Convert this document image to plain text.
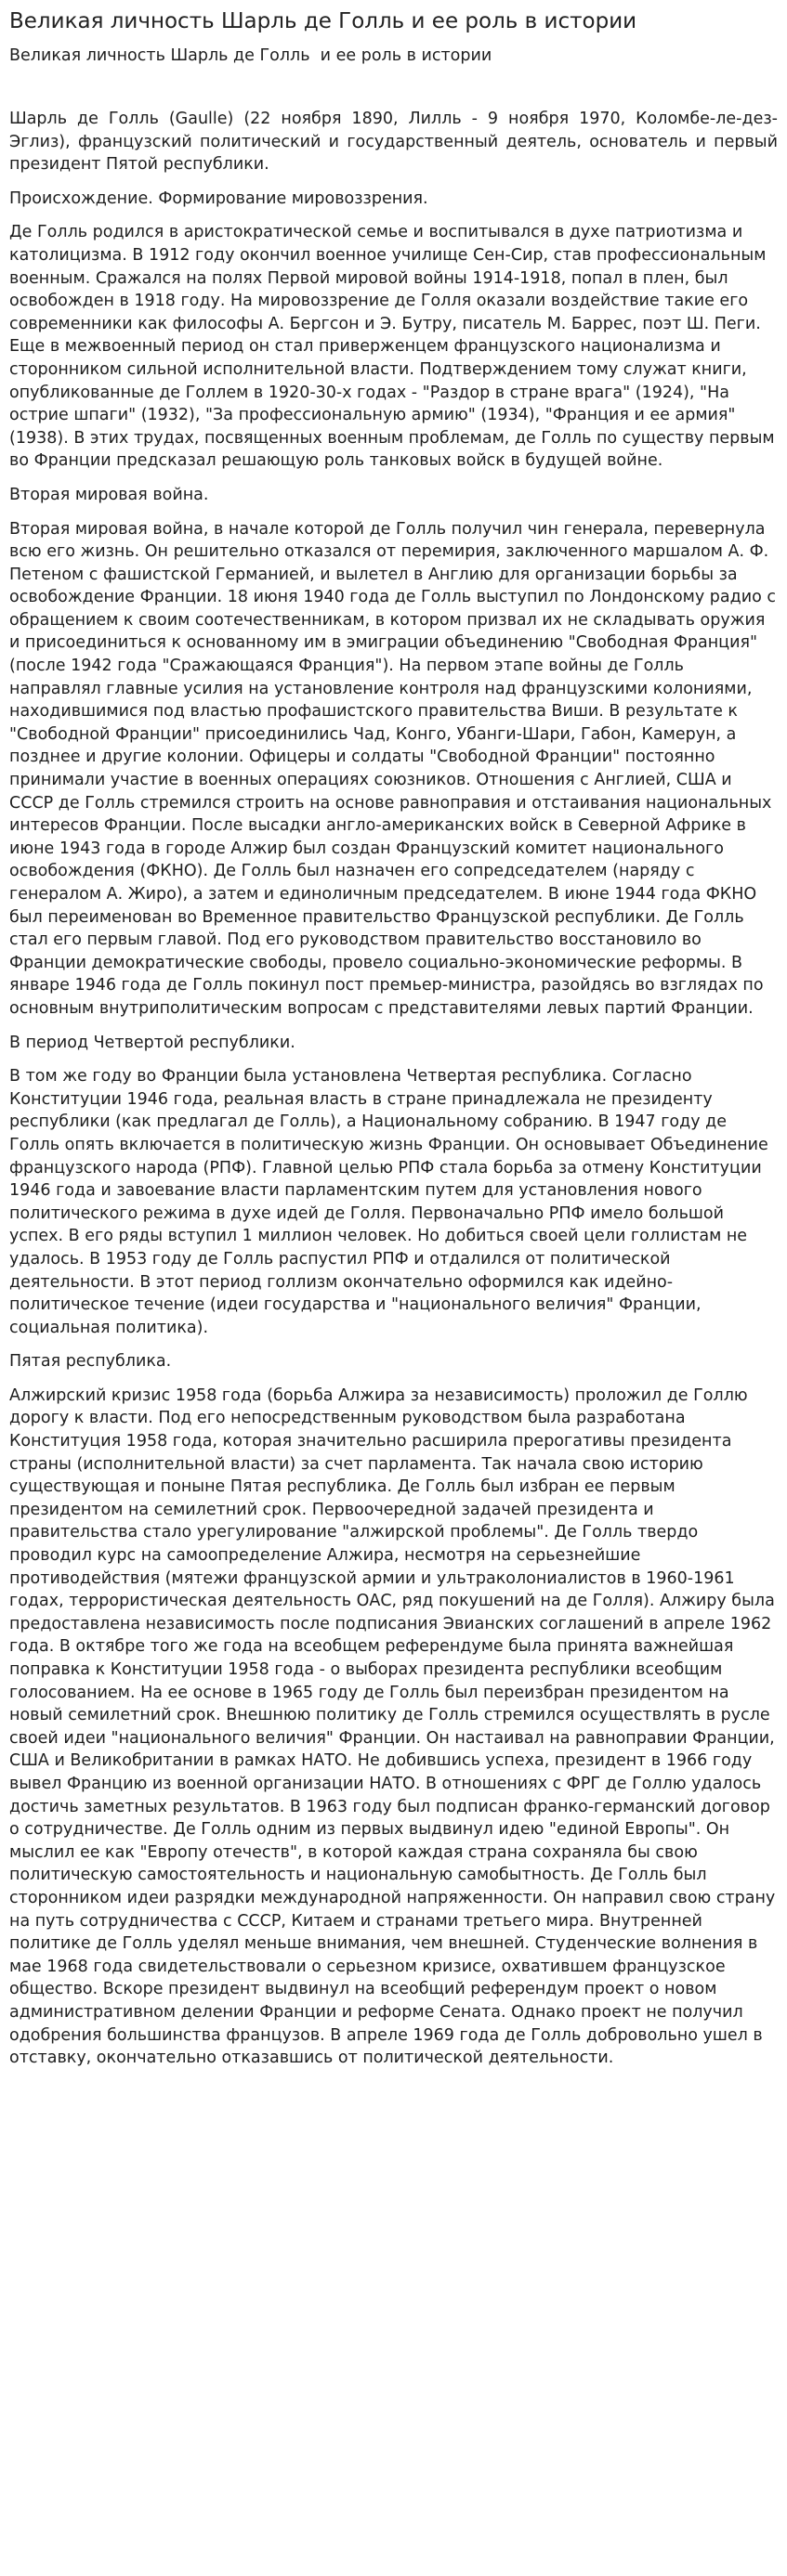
Великая личность Шарль де Голль и ее роль в истории
Великая личность Шарль де Голль  и ее роль в истории

Шарль де Голль (Gaulle) (22 ноября 1890, Лилль - 9 ноября 1970, Коломбе-ле-дез-Эглиз), французский политический и государственный деятель, основатель и первый президент Пятой республики.

Происхождение. Формирование мировоззрения.

Де Голль родился в аристократической семье и воспитывался в духе патриотизма и католицизма. В 1912 году окончил военное училище Сен-Сир, став профессиональным военным. Сражался на полях Первой мировой войны 1914-1918, попал в плен, был освобожден в 1918 году. На мировоззрение де Голля оказали воздействие такие его современники как философы А. Бергсон и Э. Бутру, писатель М. Баррес, поэт Ш. Пеги. Еще в межвоенный период он стал приверженцем французского национализма и сторонником сильной исполнительной власти. Подтверждением тому служат книги, опубликованные де Голлем в 1920-30-х годах - "Раздор в стране врага" (1924), "На острие шпаги" (1932), "За профессиональную армию" (1934), "Франция и ее армия" (1938). В этих трудах, посвященных военным проблемам, де Голль по существу первым во Франции предсказал решающую роль танковых войск в будущей войне.

Вторая мировая война.

Вторая мировая война, в начале которой де Голль получил чин генерала, перевернула всю его жизнь. Он решительно отказался от перемирия, заключенного маршалом А. Ф. Петеном с фашистской Германией, и вылетел в Англию для организации борьбы за освобождение Франции. 18 июня 1940 года де Голль выступил по Лондонскому радио с обращением к своим соотечественникам, в котором призвал их не складывать оружия и присоединиться к основанному им в эмиграции объединению "Свободная Франция" (после 1942 года "Сражающаяся Франция"). На первом этапе войны де Голль направлял главные усилия на установление контроля над французскими колониями, находившимися под властью профашистского правительства Виши. В результате к "Свободной Франции" присоединились Чад, Конго, Убанги-Шари, Габон, Камерун, а позднее и другие колонии. Офицеры и солдаты "Свободной Франции" постоянно принимали участие в военных операциях союзников. Отношения с Англией, США и СССР де Голль стремился строить на основе равноправия и отстаивания национальных интересов Франции. После высадки англо-американских войск в Северной Африке в июне 1943 года в городе Алжир был создан Французский комитет национального освобождения (ФКНО). Де Голль был назначен его сопредседателем (наряду с генералом А. Жиро), а затем и единоличным председателем. В июне 1944 года ФКНО был переименован во Временное правительство Французской республики. Де Голль стал его первым главой. Под его руководством правительство восстановило во Франции демократические свободы, провело социально-экономические реформы. В январе 1946 года де Голль покинул пост премьер-министра, разойдясь во взглядах по основным внутриполитическим вопросам с представителями левых партий Франции.

В период Четвертой республики.

В том же году во Франции была установлена Четвертая республика. Согласно Конституции 1946 года, реальная власть в стране принадлежала не президенту республики (как предлагал де Голль), а Национальному собранию. В 1947 году де Голль опять включается в политическую жизнь Франции. Он основывает Объединение французского народа (РПФ). Главной целью РПФ стала борьба за отмену Конституции 1946 года и завоевание власти парламентским путем для установления нового политического режима в духе идей де Голля. Первоначально РПФ имело большой успех. В его ряды вступил 1 миллион человек. Но добиться своей цели голлистам не удалось. В 1953 году де Голль распустил РПФ и отдалился от политической деятельности. В этот период голлизм окончательно оформился как идейно-политическое течение (идеи государства и "национального величия" Франции, социальная политика).

Пятая республика.

Алжирский кризис 1958 года (борьба Алжира за независимость) проложил де Голлю дорогу к власти. Под его непосредственным руководством была разработана Конституция 1958 года, которая значительно расширила прерогативы президента страны (исполнительной власти) за счет парламента. Так начала свою историю существующая и поныне Пятая республика. Де Голль был избран ее первым президентом на семилетний срок. Первоочередной задачей президента и правительства стало урегулирование "алжирской проблемы". Де Голль твердо проводил курс на самоопределение Алжира, несмотря на серьезнейшие противодействия (мятежи французской армии и ультраколониалистов в 1960-1961 годах, террористическая деятельность ОАС, ряд покушений на де Голля). Алжиру была предоставлена независимость после подписания Эвианских соглашений в апреле 1962 года. В октябре того же года на всеобщем референдуме была принята важнейшая поправка к Конституции 1958 года - о выборах президента республики всеобщим голосованием. На ее основе в 1965 году де Голль был переизбран президентом на новый семилетний срок. Внешнюю политику де Голль стремился осуществлять в русле своей идеи "национального величия" Франции. Он настаивал на равноправии Франции, США и Великобритании в рамках НАТО. Не добившись успеха, президент в 1966 году вывел Францию из военной организации НАТО. В отношениях с ФРГ де Голлю удалось достичь заметных результатов. В 1963 году был подписан франко-германский договор о сотрудничестве. Де Голль одним из первых выдвинул идею "единой Европы". Он мыслил ее как "Европу отечеств", в которой каждая страна сохраняла бы свою политическую самостоятельность и национальную самобытность. Де Голль был сторонником идеи разрядки международной напряженности. Он направил свою страну на путь сотрудничества с СССР, Китаем и странами третьего мира. Внутренней политике де Голль уделял меньше внимания, чем внешней. Студенческие волнения в мае 1968 года свидетельствовали о серьезном кризисе, охватившем французское общество. Вскоре президент выдвинул на всеобщий референдум проект о новом административном делении Франции и реформе Сената. Однако проект не получил одобрения большинства французов. В апреле 1969 года де Голль добровольно ушел в отставку, окончательно отказавшись от политической деятельности.
